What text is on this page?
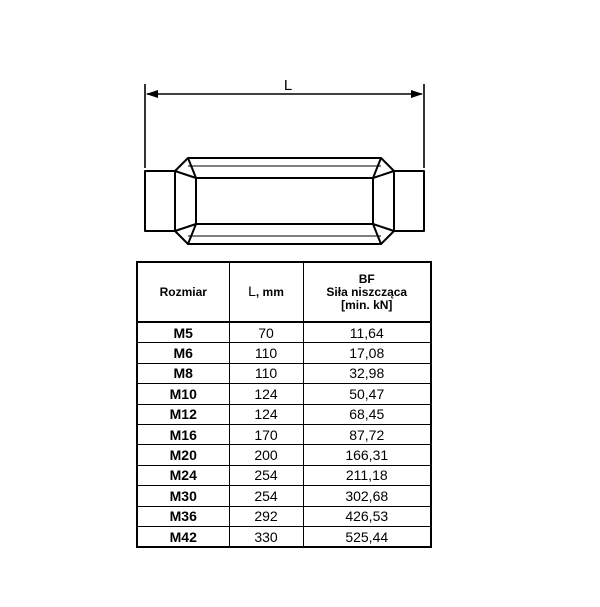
L
Rozmiar	L, mm	BF
Siła niszcząca
[min. kN]

M5	70	11,64
M6	110	17,08
M8	110	32,98
M10	124	50,47
M12	124	68,45
M16	170	87,72
M20	200	166,31
M24	254	211,18
M30	254	302,68
M36	292	426,53
M42	330	525,44
